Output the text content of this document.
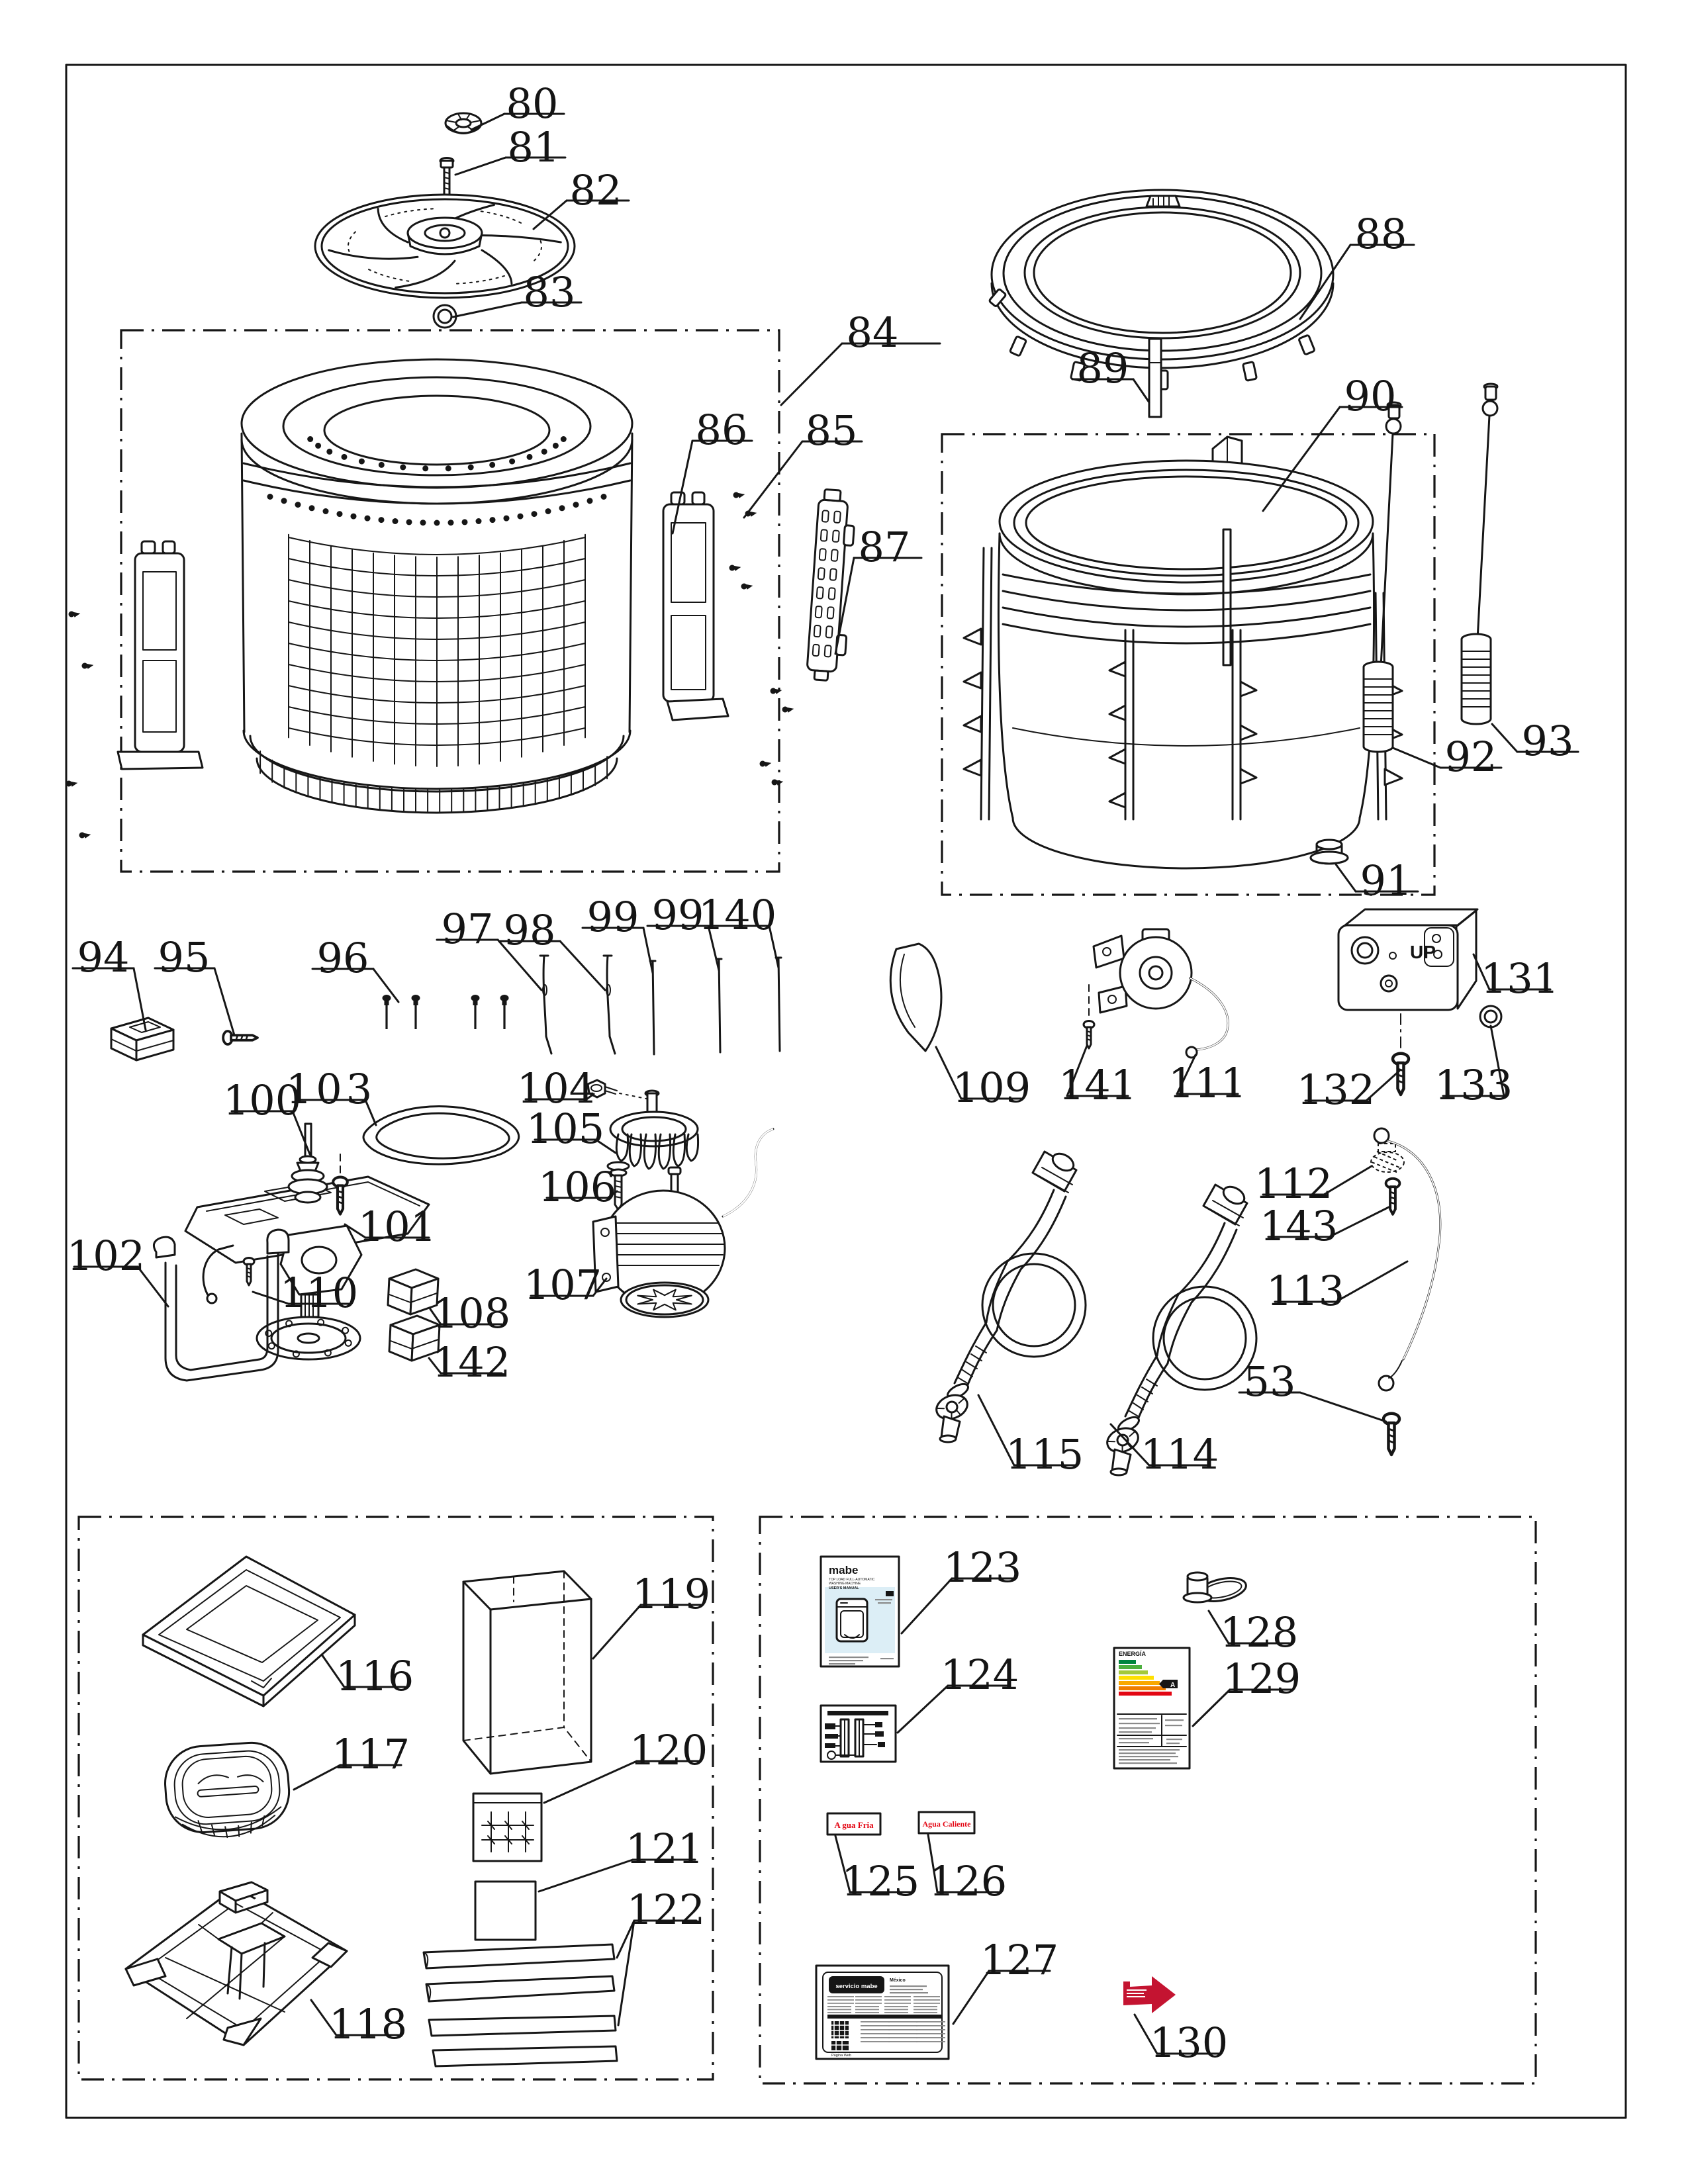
UP
mabe
TOP LOAD FULL-AUTOMATIC
WASHING MACHINE
USER'S MANUAL
ENERGÍA
A
A gua Fria	Agua Caliente
servicio mabe
México
Página Web
80
81
82
83
84
85
86
87
88
89
90
91
92 93
94 95	96
97 98 99 99
140
100
101
102
103	104
105
106
107
108
109
110
111
112
113
114
115
53
141
142
143
131
132 133
116
117
118
119
120
121
122
123
124
125 126
127
128
129
130
